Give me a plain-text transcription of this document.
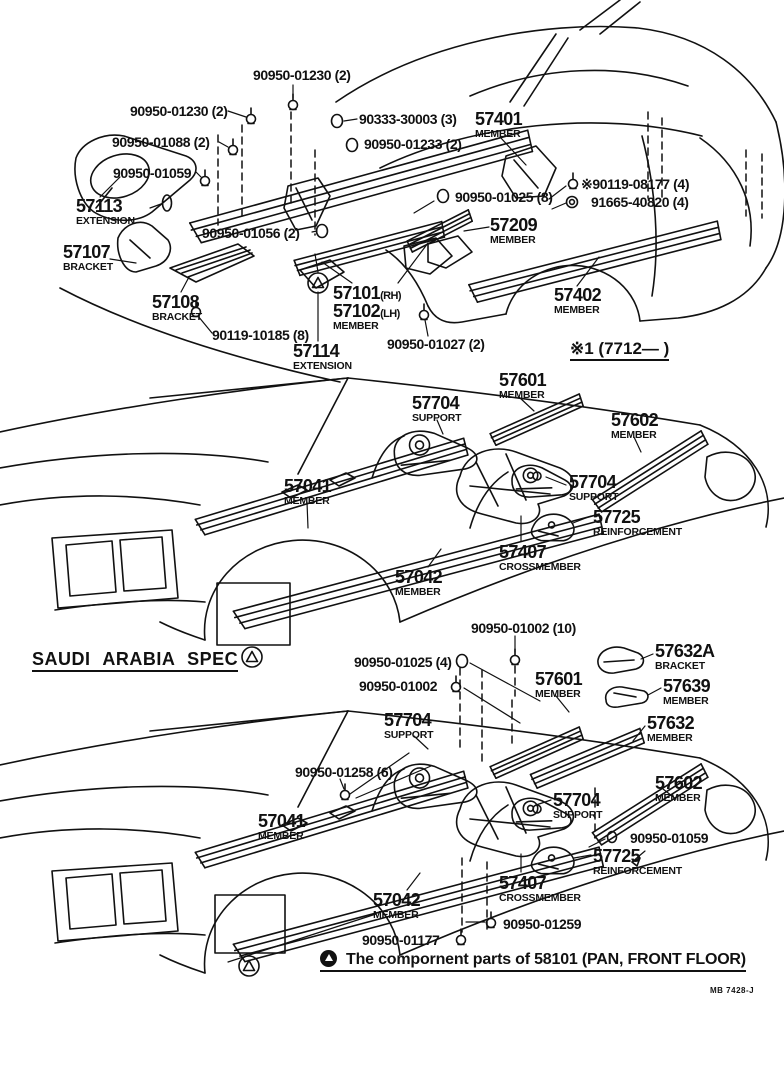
90950-01230 (2)
90950-01230 (2)	90333-30003 (3)
90950-01233 (2)
90950-01088 (2)
90950-01059
※90119-08177 (4)
91665-40820 (4)
90950-01025 (8)
90950-01056 (2)
90119-10185 (8)
90950-01027 (2)
90950-01002 (10)
90950-01025 (4)
90950-01002
90950-01258 (6)
90950-01059
90950-01259
90950-01177
57401
MEMBER
57113
EXTENSION	57209
MEMBER
57107
BRACKET
57108
BRACKET
57101(RH)
57102(LH)
MEMBER
57114
EXTENSION
57402
MEMBER
57601
MEMBER
57704
SUPPORT	57602
MEMBER
57041
MEMBER
57704
SUPPORT
57725
REINFORCEMENT
57407
CROSSMEMBER
57042
MEMBER
57632A
BRACKET
57601
MEMBER	57639
MEMBER
57704
SUPPORT
57632
MEMBER
57602
MEMBER
57704
SUPPORT
57041
MEMBER
57725
REINFORCEMENT
57407
CROSSMEMBER
57042
MEMBER
※1 (7712— )
SAUDI ARABIA SPEC
The compornent parts of 58101 (PAN, FRONT FLOOR)
MB 7428-J
